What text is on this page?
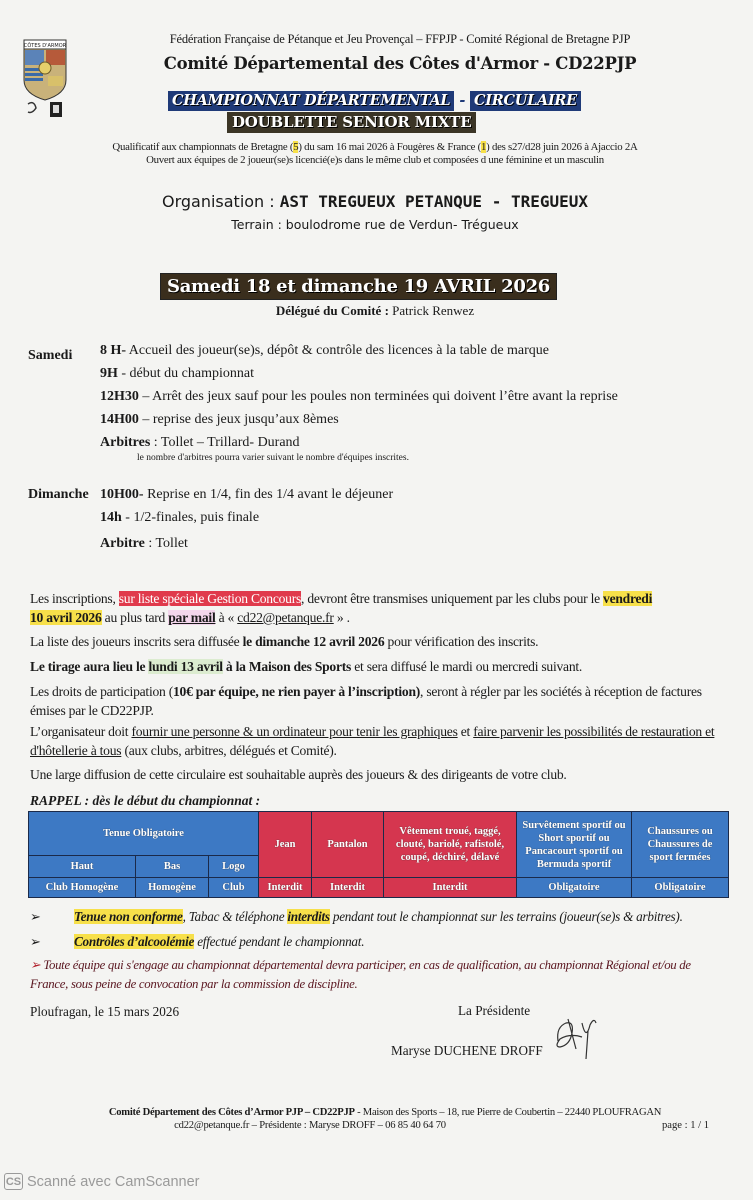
CÔTES D'ARMOR	Fédération Française de Pétanque et Jeu Provençal – FFPJP - Comité Régional de Bretagne PJP
Comité Départemental des Côtes d'Armor - CD22PJP
CHAMPIONNAT DÉPARTEMENTAL - CIRCULAIRE
DOUBLETTE SENIOR MIXTE
Qualificatif aux championnats de Bretagne (5) du sam 16 mai 2026 à Fougères & France (1) des s27/d28 juin 2026 à Ajaccio 2A
Ouvert aux équipes de 2 joueur(se)s licencié(e)s dans le même club et composées d une féminine et un masculin
Organisation : AST TREGUEUX PETANQUE - TREGUEUX
Terrain : boulodrome rue de Verdun- Trégueux
Samedi 18 et dimanche 19 AVRIL 2026
Délégué du Comité : Patrick Renwez
Samedi 8 H- Accueil des joueur(se)s, dépôt & contrôle des licences à la table de marque
9H - début du championnat
12H30 – Arrêt des jeux sauf pour les poules non terminées qui doivent l’être avant la reprise
14H00 – reprise des jeux jusqu’aux 8èmes
Arbitres : Tollet – Trillard- Durand
le nombre d'arbitres pourra varier suivant le nombre d'équipes inscrites.
Dimanche 10H00- Reprise en 1/4, fin des 1/4 avant le déjeuner
14h - 1/2-finales, puis finale
Arbitre : Tollet
Les inscriptions, sur liste spéciale Gestion Concours, devront être transmises uniquement par les clubs pour le vendredi
10 avril 2026 au plus tard par mail à « cd22@petanque.fr » .
La liste des joueurs inscrits sera diffusée le dimanche 12 avril 2026 pour vérification des inscrits.
Le tirage aura lieu le lundi 13 avril à la Maison des Sports et sera diffusé le mardi ou mercredi suivant.
Les droits de participation (10€ par équipe, ne rien payer à l’inscription), seront à régler par les sociétés à réception de factures émises par le CD22PJP.
L’organisateur doit fournir une personne & un ordinateur pour tenir les graphiques et faire parvenir les possibilités de restauration et d'hôtellerie à tous (aux clubs, arbitres, délégués et Comité).
Une large diffusion de cette circulaire est souhaitable auprès des joueurs & des dirigeants de votre club.
RAPPEL : dès le début du championnat :
Tenue Obligatoire			Jean	Pantalon	Vêtement troué, taggé, clouté, bariolé, rafistolé, coupé, déchiré, délavé	Survêtement sportif ou Short sportif ou Pancacourt sportif ou Bermuda sportif	Chaussures ou Chaussures de sport fermées
Haut	Bas	Logo					
Club Homogène	Homogène	Club	Interdit	Interdit	Interdit	Obligatoire	Obligatoire
➢	Tenue non conforme, Tabac & téléphone interdits pendant tout le championnat sur les terrains (joueur(se)s & arbitres).
➢	Contrôles d’alcoolémie effectué pendant le championnat.
➢ Toute équipe qui s'engage au championnat départemental devra participer, en cas de qualification, au championnat Régional et/ou de France, sous peine de convocation par la commission de discipline.
Ploufragan, le 15 mars 2026	La Présidente
Maryse DUCHENE DROFF
Comité Département des Côtes d’Armor PJP – CD22PJP - Maison des Sports – 18, rue Pierre de Coubertin – 22440 PLOUFRAGAN
cd22@petanque.fr – Présidente : Maryse DROFF – 06 85 40 64 70	page : 1 / 1
CS Scanné avec CamScanner
